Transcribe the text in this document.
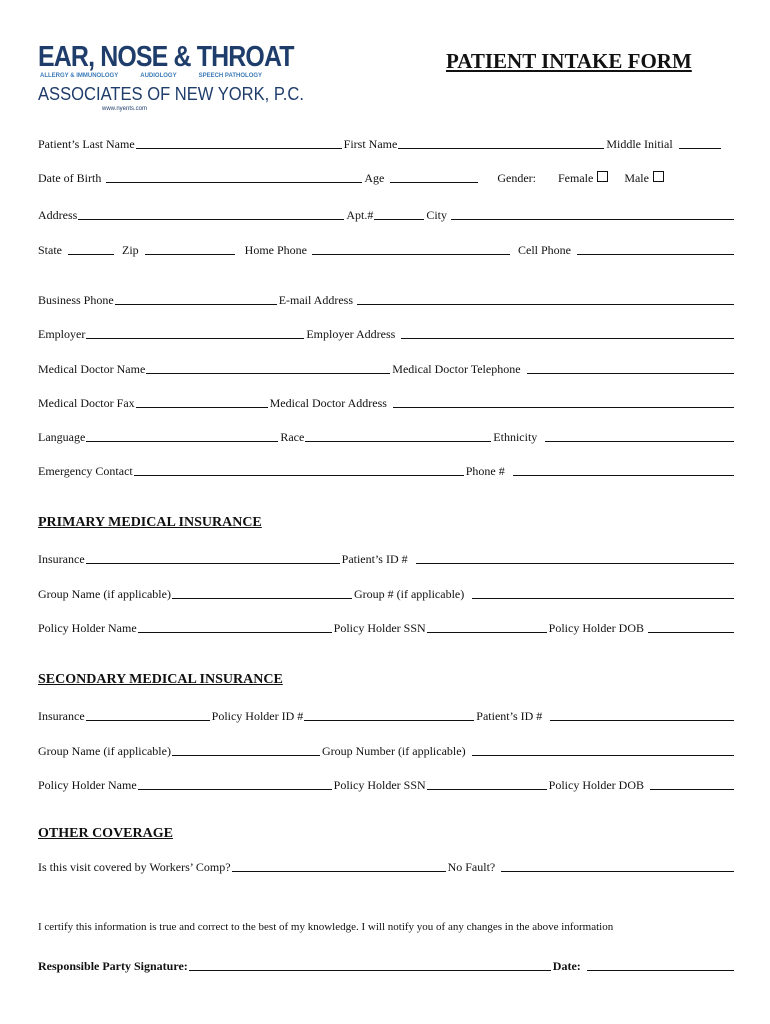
EAR, NOSE & THROAT
ALLERGY & IMMUNOLOGY	AUDIOLOGY	SPEECH PATHOLOGY
ASSOCIATES OF NEW YORK, P.C.
www.nyents.com
PATIENT INTAKE FORM
Patient’s Last Name	First Name	Middle Initial
Date of Birth	Age	Gender: Female	Male
Address	Apt.#	City
State	Zip	Home Phone	Cell Phone
Business Phone	E-mail Address
Employer	Employer Address
Medical Doctor Name	Medical Doctor Telephone
Medical Doctor Fax	Medical Doctor Address
Language	Race	Ethnicity
Emergency Contact	Phone #
PRIMARY MEDICAL INSURANCE
Insurance	Patient’s ID #
Group Name (if applicable)	Group # (if applicable)
Policy Holder Name	Policy Holder SSN	Policy Holder DOB
SECONDARY MEDICAL INSURANCE
Insurance	Policy Holder ID #	Patient’s ID #
Group Name (if applicable)	Group Number (if applicable)
Policy Holder Name	Policy Holder SSN	Policy Holder DOB
OTHER COVERAGE
Is this visit covered by Workers’ Comp?	No Fault?
I certify this information is true and correct to the best of my knowledge. I will notify you of any changes in the above information
Responsible Party Signature:	Date:
